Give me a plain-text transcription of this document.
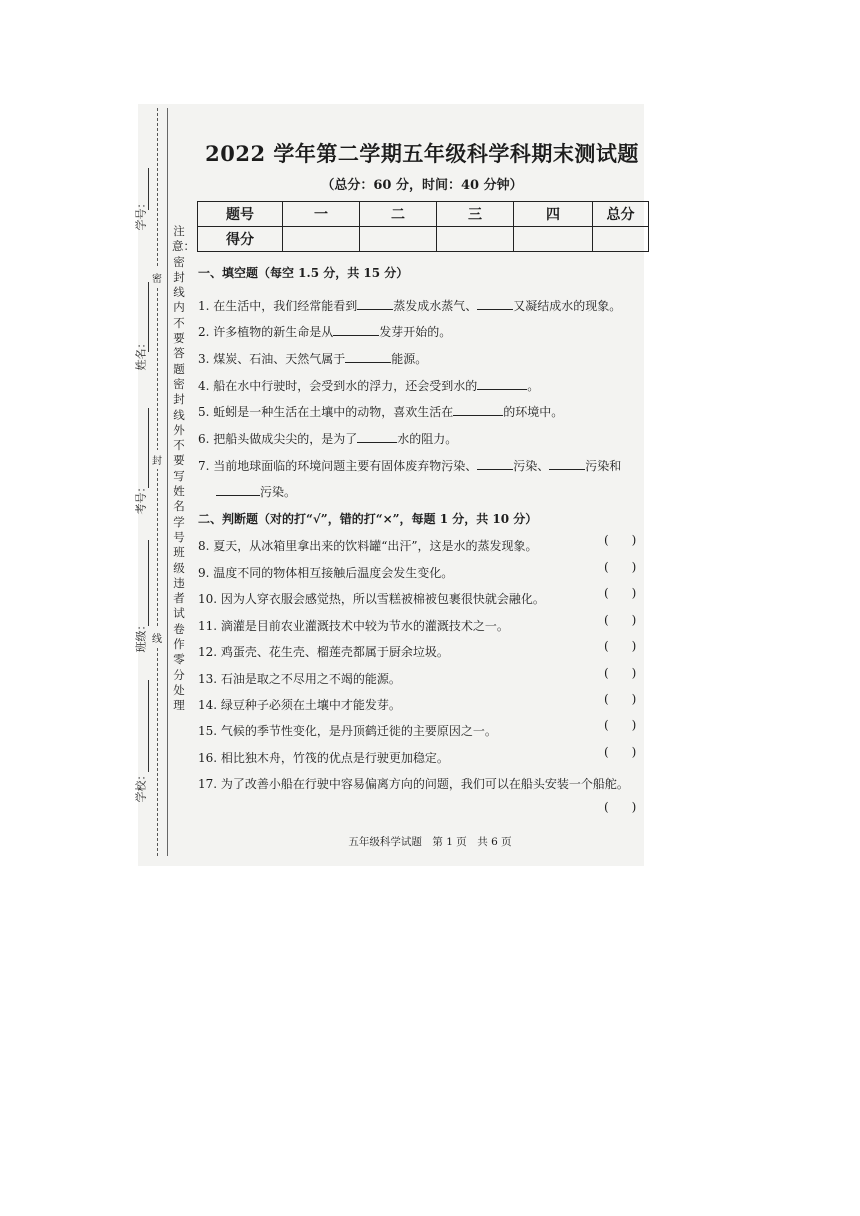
学号：
姓名：
考号：
班级：
学校：
密
封
线
注意：密封线内不要答题 密封线外不要写姓名 学号 班级违者试卷作零分处理
2022 学年第二学期五年级科学科期末测试题
（总分：60 分，时间：40 分钟）
题号	一	二	三	四	总分
得分					
一、填空题（每空 1.5 分，共 15 分）
1. 在生活中，我们经常能看到	蒸发成水蒸气、	又凝结成水的现象。
2. 许多植物的新生命是从	发芽开始的。
3. 煤炭、石油、天然气属于	能源。
4. 船在水中行驶时，会受到水的浮力，还会受到水的	。
5. 蚯蚓是一种生活在土壤中的动物，喜欢生活在	的环境中。
6. 把船头做成尖尖的，是为了	水的阻力。
7. 当前地球面临的环境问题主要有固体废弃物污染、	污染、	污染和
污染。
二、判断题（对的打“√”，错的打“×”，每题 1 分，共 10 分）
8. 夏天，从冰箱里拿出来的饮料罐“出汗”，这是水的蒸发现象。	(      )
9. 温度不同的物体相互接触后温度会发生变化。	(      )
10. 因为人穿衣服会感觉热，所以雪糕被棉被包裹很快就会融化。	(      )
11. 滴灌是目前农业灌溉技术中较为节水的灌溉技术之一。	(      )
12. 鸡蛋壳、花生壳、榴莲壳都属于厨余垃圾。	(      )
13. 石油是取之不尽用之不竭的能源。	(      )
14. 绿豆种子必须在土壤中才能发芽。	(      )
15. 气候的季节性变化，是丹顶鹤迁徙的主要原因之一。	(      )
16. 相比独木舟，竹筏的优点是行驶更加稳定。	(      )
17. 为了改善小船在行驶中容易偏离方向的问题，我们可以在船头安装一个船舵。
(      )
五年级科学试题　第 1 页　共 6 页
